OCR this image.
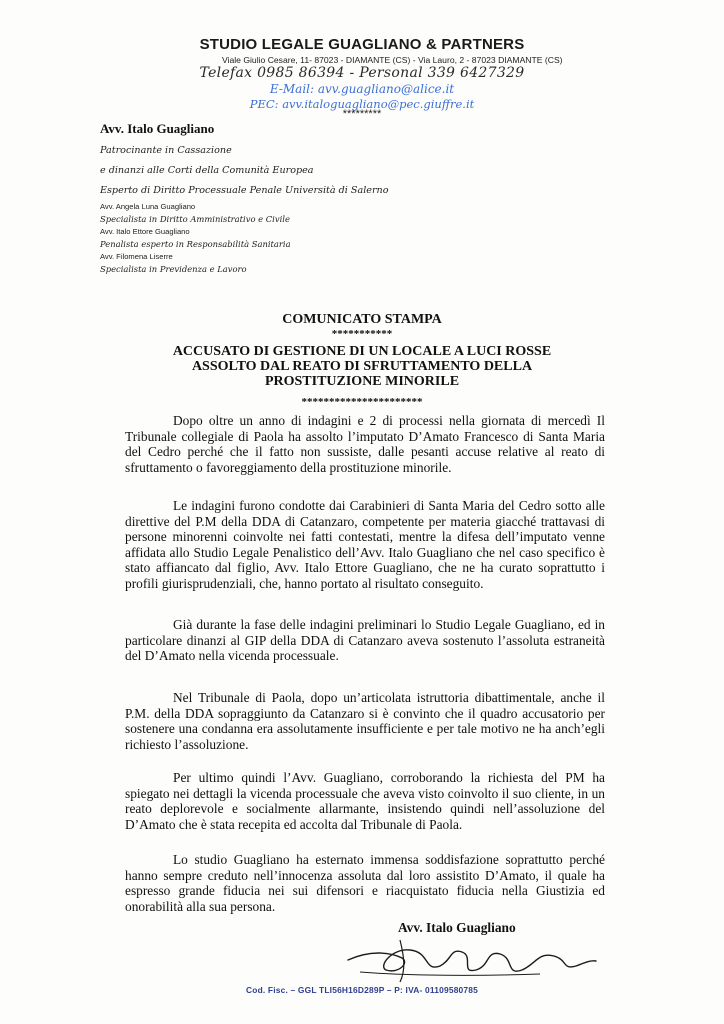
STUDIO LEGALE GUAGLIANO & PARTNERS
Viale Giulio Cesare, 11- 87023 - DIAMANTE (CS) - Via Lauro, 2 - 87023 DIAMANTE (CS)
Telefax 0985 86394 - Personal 339 6427329
E-Mail: avv.guagliano@alice.it
PEC: avv.italoguagliano@pec.giuffre.it
*********
Avv. Italo Guagliano
Patrocinante in Cassazione
e dinanzi alle Corti della Comunità Europea
Esperto di Diritto Processuale Penale Università di Salerno
Avv. Angela Luna Guagliano
Specialista in Diritto Amministrativo e Civile
Avv. Italo Ettore Guagliano
Penalista esperto in Responsabilità Sanitaria
Avv. Filomena Liserre
Specialista in Previdenza e Lavoro
COMUNICATO STAMPA
***********
ACCUSATO DI GESTIONE DI UN LOCALE A LUCI ROSSE
ASSOLTO DAL REATO DI SFRUTTAMENTO DELLA
PROSTITUZIONE MINORILE
**********************

Dopo oltre un anno di indagini e 2 di processi nella giornata di mercedì Il Tribunale collegiale di Paola ha assolto l’imputato D’Amato Francesco di Santa Maria del Cedro perché che il fatto non sussiste, dalle pesanti accuse relative al reato di sfruttamento o favoreggiamento della prostituzione minorile.

Le indagini furono condotte dai Carabinieri di Santa Maria del Cedro sotto alle direttive del P.M della DDA di Catanzaro, competente per materia giacché trattavasi di persone minorenni coinvolte nei fatti contestati, mentre la difesa dell’imputato venne affidata allo Studio Legale Penalistico dell’Avv. Italo Guagliano che nel caso specifico è stato affiancato dal figlio, Avv. Italo Ettore Guagliano, che ne ha curato soprattutto i profili giurisprudenziali, che, hanno portato al risultato conseguito.

Già durante la fase delle indagini preliminari lo Studio Legale Guagliano, ed in particolare dinanzi al GIP della DDA di Catanzaro aveva sostenuto l’assoluta estraneità del D’Amato nella vicenda processuale.

Nel Tribunale di Paola, dopo un’articolata istruttoria dibattimentale, anche il P.M. della DDA sopraggiunto da Catanzaro si è convinto che il quadro accusatorio per sostenere una condanna era assolutamente insufficiente e per tale motivo ne ha anch’egli richiesto l’assoluzione.

Per ultimo quindi l’Avv. Guagliano, corroborando la richiesta del PM ha spiegato nei dettagli la vicenda processuale che aveva visto coinvolto il suo cliente, in un reato deplorevole e socialmente allarmante, insistendo quindi nell’assoluzione del D’Amato che è stata recepita ed accolta dal Tribunale di Paola.

Lo studio Guagliano ha esternato immensa soddisfazione soprattutto perché hanno sempre creduto nell’innocenza assoluta dal loro assistito D’Amato, il quale ha espresso grande fiducia nei sui difensori e riacquistato fiducia nella Giustizia ed onorabilità alla sua persona.

Avv. Italo Guagliano
Cod. Fisc. – GGL TLI56H16D289P – P: IVA- 01109580785
